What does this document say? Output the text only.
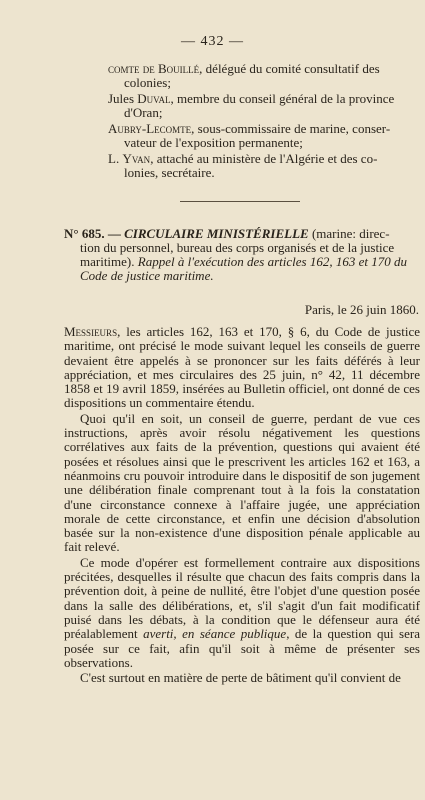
— 432 —
comte de Bouillé, délégué du comité consultatif des
colonies;
Jules Duval, membre du conseil général de la province
d'Oran;
Aubry-Lecomte, sous-commissaire de marine, conser-
vateur de l'exposition permanente;
L. Yvan, attaché au ministère de l'Algérie et des co-
lonies, secrétaire.
N° 685. — CIRCULAIRE MINISTÉRIELLE (marine: direc-
tion du personnel, bureau des corps organisés et de la justice maritime). Rappel à l'exécution des articles 162, 163 et 170 du Code de justice maritime.
Paris, le 26 juin 1860.

Messieurs, les articles 162, 163 et 170, § 6, du Code de justice maritime, ont précisé le mode suivant lequel les conseils de guerre devaient être appelés à se prononcer sur les faits déférés à leur appréciation, et mes circulaires des 25 juin, n° 42, 11 décembre 1858 et 19 avril 1859, insérées au Bulletin officiel, ont donné de ces dispositions un commentaire étendu.

Quoi qu'il en soit, un conseil de guerre, perdant de vue ces instructions, après avoir résolu négativement les questions corrélatives aux faits de la prévention, questions qui avaient été posées et résolues ainsi que le prescrivent les articles 162 et 163, a néanmoins cru pouvoir introduire dans le dispositif de son jugement une délibération finale comprenant tout à la fois la constatation d'une circonstance connexe à l'affaire jugée, une appréciation morale de cette circonstance, et enfin une décision d'absolution basée sur la non-existence d'une disposition pénale applicable au fait relevé.

Ce mode d'opérer est formellement contraire aux dispositions précitées, desquelles il résulte que chacun des faits compris dans la prévention doit, à peine de nullité, être l'objet d'une question posée dans la salle des délibérations, et, s'il s'agit d'un fait modificatif puisé dans les débats, à la condition que le défenseur aura été préalablement averti, en séance publique, de la question qui sera posée sur ce fait, afin qu'il soit à même de présenter ses observations.

C'est surtout en matière de perte de bâtiment qu'il convient de
